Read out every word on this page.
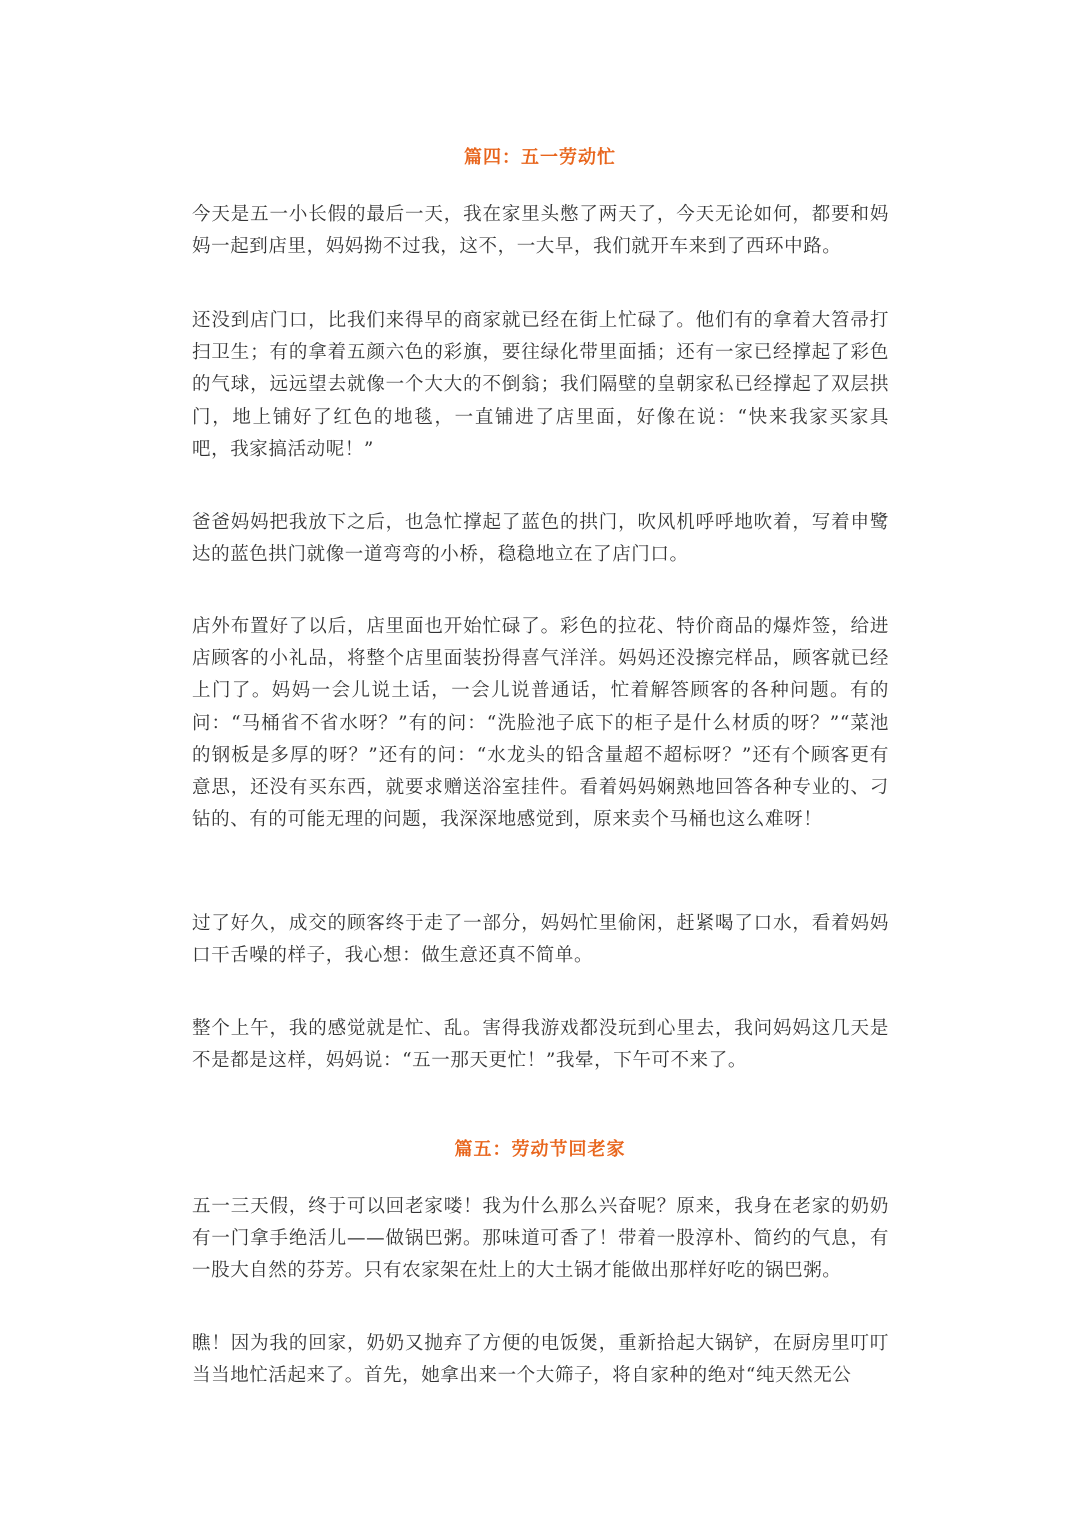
篇四：五一劳动忙

今天是五一小长假的最后一天，我在家里头憋了两天了，今天无论如何，都要和妈妈一起到店里，妈妈拗不过我，这不，一大早，我们就开车来到了西环中路。

还没到店门口，比我们来得早的商家就已经在街上忙碌了。他们有的拿着大笤帚打扫卫生；有的拿着五颜六色的彩旗，要往绿化带里面插；还有一家已经撑起了彩色的气球，远远望去就像一个大大的不倒翁；我们隔壁的皇朝家私已经撑起了双层拱门，地上铺好了红色的地毯，一直铺进了店里面，好像在说：“快来我家买家具吧，我家搞活动呢！”

爸爸妈妈把我放下之后，也急忙撑起了蓝色的拱门，吹风机呼呼地吹着，写着申鹭达的蓝色拱门就像一道弯弯的小桥，稳稳地立在了店门口。

店外布置好了以后，店里面也开始忙碌了。彩色的拉花、特价商品的爆炸签，给进店顾客的小礼品，将整个店里面装扮得喜气洋洋。妈妈还没擦完样品，顾客就已经上门了。妈妈一会儿说土话，一会儿说普通话，忙着解答顾客的各种问题。有的问：“马桶省不省水呀？”有的问：“洗脸池子底下的柜子是什么材质的呀？”“菜池的钢板是多厚的呀？”还有的问：“水龙头的铅含量超不超标呀？”还有个顾客更有意思，还没有买东西，就要求赠送浴室挂件。看着妈妈娴熟地回答各种专业的、刁钻的、有的可能无理的问题，我深深地感觉到，原来卖个马桶也这么难呀！

过了好久，成交的顾客终于走了一部分，妈妈忙里偷闲，赶紧喝了口水，看着妈妈口干舌噪的样子，我心想：做生意还真不简单。

整个上午，我的感觉就是忙、乱。害得我游戏都没玩到心里去，我问妈妈这几天是不是都是这样，妈妈说：“五一那天更忙！”我晕，下午可不来了。

篇五：劳动节回老家

五一三天假，终于可以回老家喽！我为什么那么兴奋呢？原来，我身在老家的奶奶有一门拿手绝活儿——做锅巴粥。那味道可香了！带着一股淳朴、简约的气息，有一股大自然的芬芳。只有农家架在灶上的大土锅才能做出那样好吃的锅巴粥。

瞧！因为我的回家，奶奶又抛弃了方便的电饭煲，重新拾起大锅铲，在厨房里叮叮当当地忙活起来了。首先，她拿出来一个大筛子，将自家种的绝对“纯天然无公
